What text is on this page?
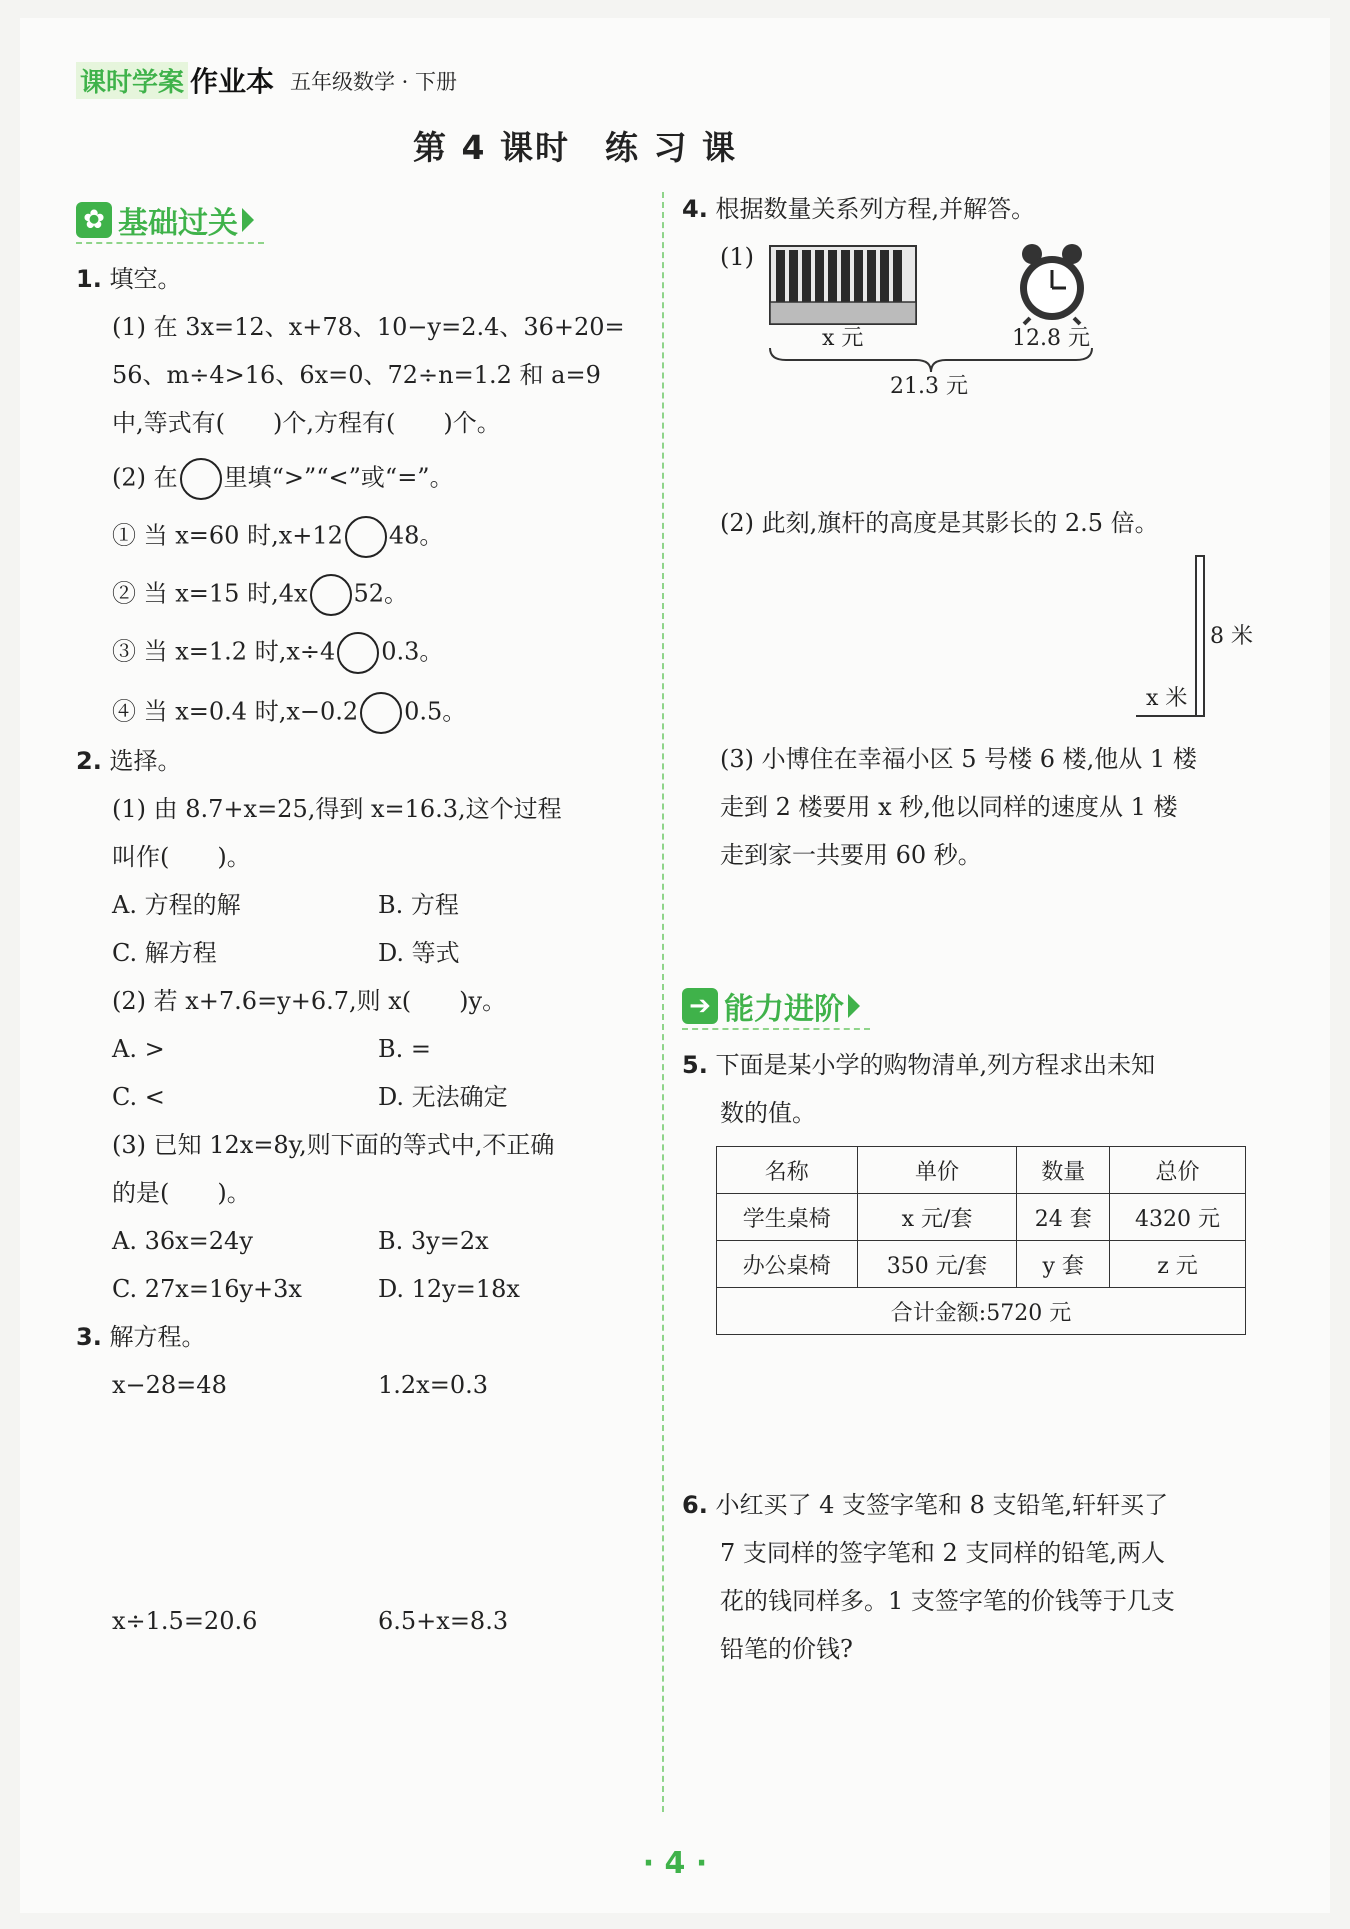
课时学案 作业本 五年级数学 · 下册
第 4 课时　练 习 课
✿ 基础过关
1. 填空。
(1) 在 3x=12、x+78、10−y=2.4、36+20=
56、m÷4>16、6x=0、72÷n=1.2 和 a=9
中,等式有(　　)个,方程有(　　)个。
(2) 在 里填“>”“<”或“=”。
① 当 x=60 时,x+12 48。
② 当 x=15 时,4x 52。
③ 当 x=1.2 时,x÷4 0.3。
④ 当 x=0.4 时,x−0.2 0.5。
2. 选择。
(1) 由 8.7+x=25,得到 x=16.3,这个过程
叫作(　　)。
A. 方程的解	B. 方程
C. 解方程	D. 等式
(2) 若 x+7.6=y+6.7,则 x(　　)y。
A. >	B. =
C. <	D. 无法确定
(3) 已知 12x=8y,则下面的等式中,不正确
的是(　　)。
A. 36x=24y	B. 3y=2x
C. 27x=16y+3x	D. 12y=18x
3. 解方程。
x−28=48	1.2x=0.3
x÷1.5=20.6	6.5+x=8.3
4. 根据数量关系列方程,并解答。
(1)
x 元	12.8 元
21.3 元
(2) 此刻,旗杆的高度是其影长的 2.5 倍。
8 米
x 米
(3) 小博住在幸福小区 5 号楼 6 楼,他从 1 楼
走到 2 楼要用 x 秒,他以同样的速度从 1 楼
走到家一共要用 60 秒。
➔ 能力进阶
5. 下面是某小学的购物清单,列方程求出未知
数的值。
名称	单价	数量	总价
学生桌椅	x 元/套	24 套	4320 元
办公桌椅	350 元/套	y 套	z 元
合计金额:5720 元			
6. 小红买了 4 支签字笔和 8 支铅笔,轩轩买了
7 支同样的签字笔和 2 支同样的铅笔,两人
花的钱同样多。1 支签字笔的价钱等于几支
铅笔的价钱?
· 4 ·
